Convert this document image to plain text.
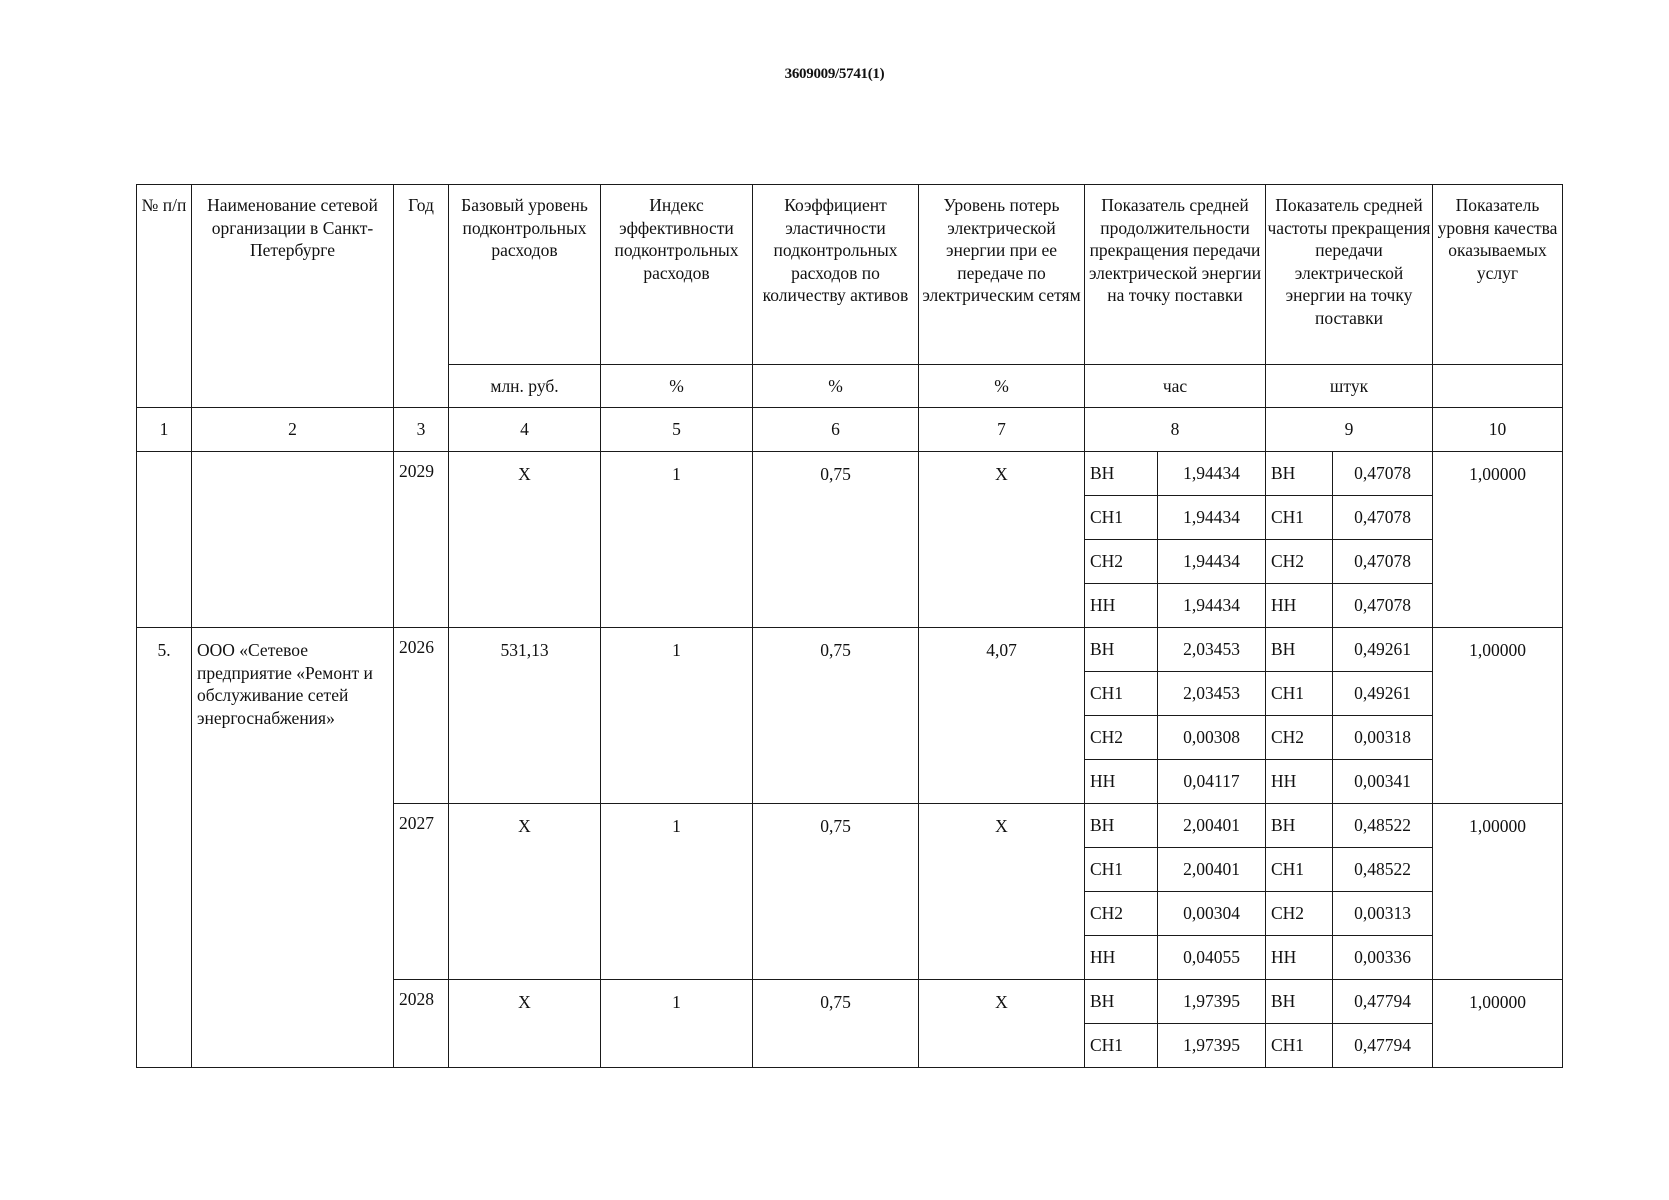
3609009/5741(1)
№ п/п	Наименование сетевой организации в Санкт-Петербурге	Год	Базовый уровень подконтрольных расходов	Индекс эффективности подконтрольных расходов	Коэффициент эластичности подконтрольных расходов по количеству активов	Уровень потерь электрической энергии при ее передаче по электрическим сетям	Показатель средней продолжительности прекращения передачи электрической энергии на точку поставки		Показатель средней частоты прекращения передачи электрической энергии на точку поставки		Показатель уровня качества оказываемых услуг
			млн. руб.	%	%	%	час		штук		
1	2	3	4	5	6	7	8		9		10
		2029	X	1	0,75	X	ВН	1,94434	ВН	0,47078	1,00000
							СН1	1,94434	СН1	0,47078	
							СН2	1,94434	СН2	0,47078	
							НН	1,94434	НН	0,47078	
5.	ООО «Сетевое предприятие «Ремонт и обслуживание сетей энергоснабжения»	2026	531,13	1	0,75	4,07	ВН	2,03453	ВН	0,49261	1,00000
							СН1	2,03453	СН1	0,49261	
							СН2	0,00308	СН2	0,00318	
							НН	0,04117	НН	0,00341	
		2027	X	1	0,75	X	ВН	2,00401	ВН	0,48522	1,00000
							СН1	2,00401	СН1	0,48522	
							СН2	0,00304	СН2	0,00313	
							НН	0,04055	НН	0,00336	
		2028	X	1	0,75	X	ВН	1,97395	ВН	0,47794	1,00000
							СН1	1,97395	СН1	0,47794	
